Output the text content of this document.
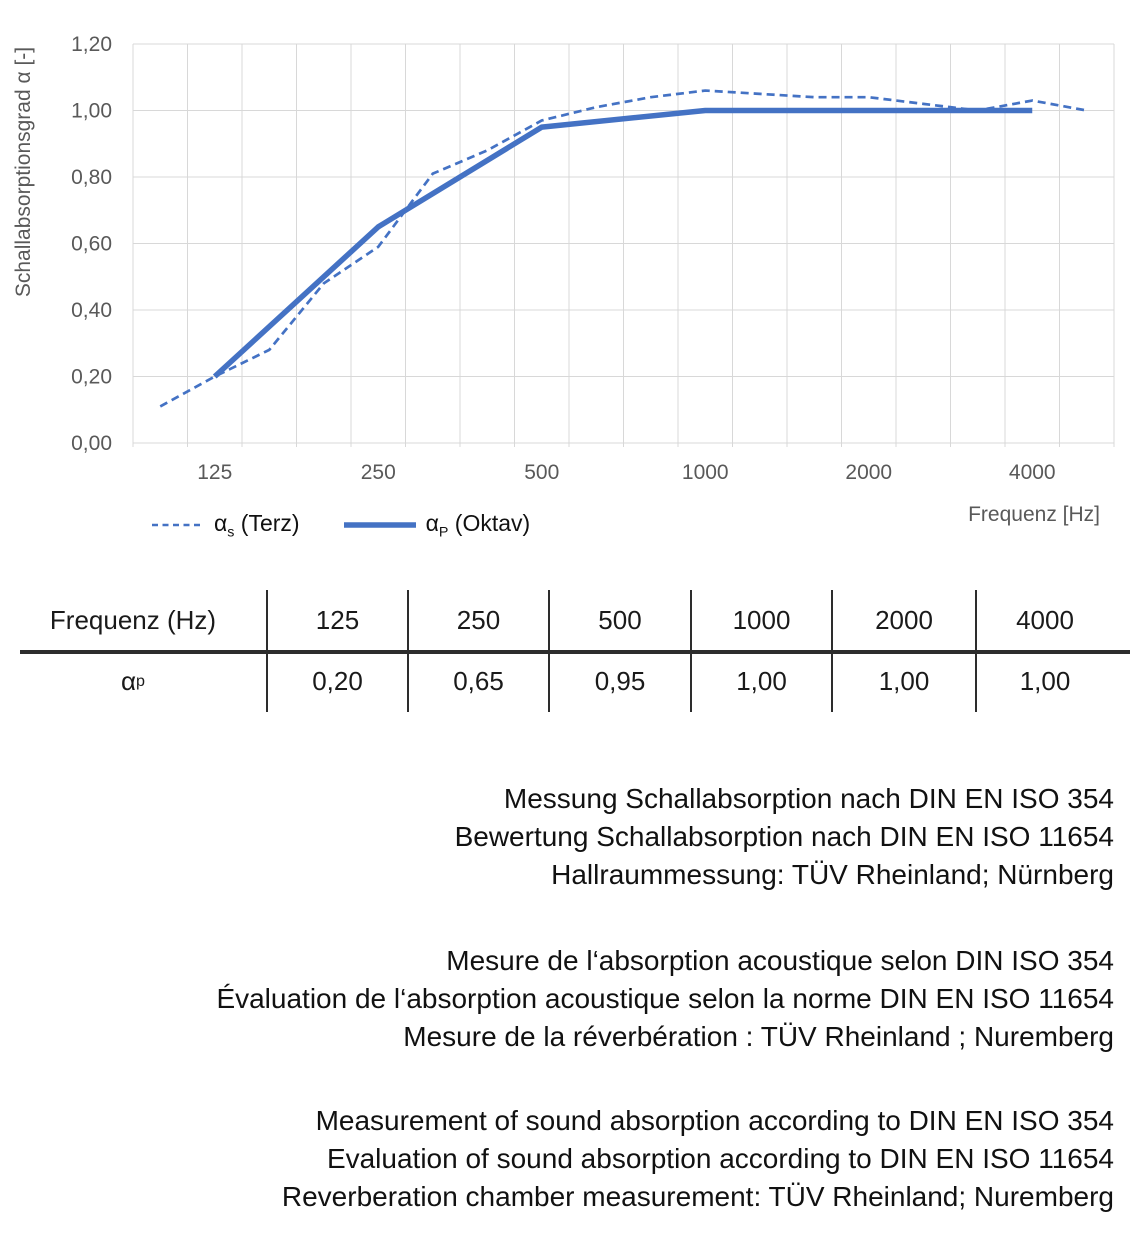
0,00
0,20
0,40
0,60
0,80
1,00
1,20
125	250	500	1000	2000	4000
Schallabsorptionsgrad α [-]
$\alpha_s$ (Terz)	$\alpha_P$ (Oktav)	Frequenz [Hz]
Frequenz (Hz)	125	250	500	1000	2000	4000
α p	0,20	0,65	0,95	1,00	1,00	1,00
Messung Schallabsorption nach DIN EN ISO 354
Bewertung Schallabsorption nach DIN EN ISO 11654
Hallraummessung: TÜV Rheinland; Nürnberg
Mesure de l‘absorption acoustique selon DIN ISO 354
Évaluation de l‘absorption acoustique selon la norme DIN EN ISO 11654
Mesure de la réverbération : TÜV Rheinland ; Nuremberg
Measurement of sound absorption according to DIN EN ISO 354
Evaluation of sound absorption according to DIN EN ISO 11654
Reverberation chamber measurement: TÜV Rheinland; Nuremberg
